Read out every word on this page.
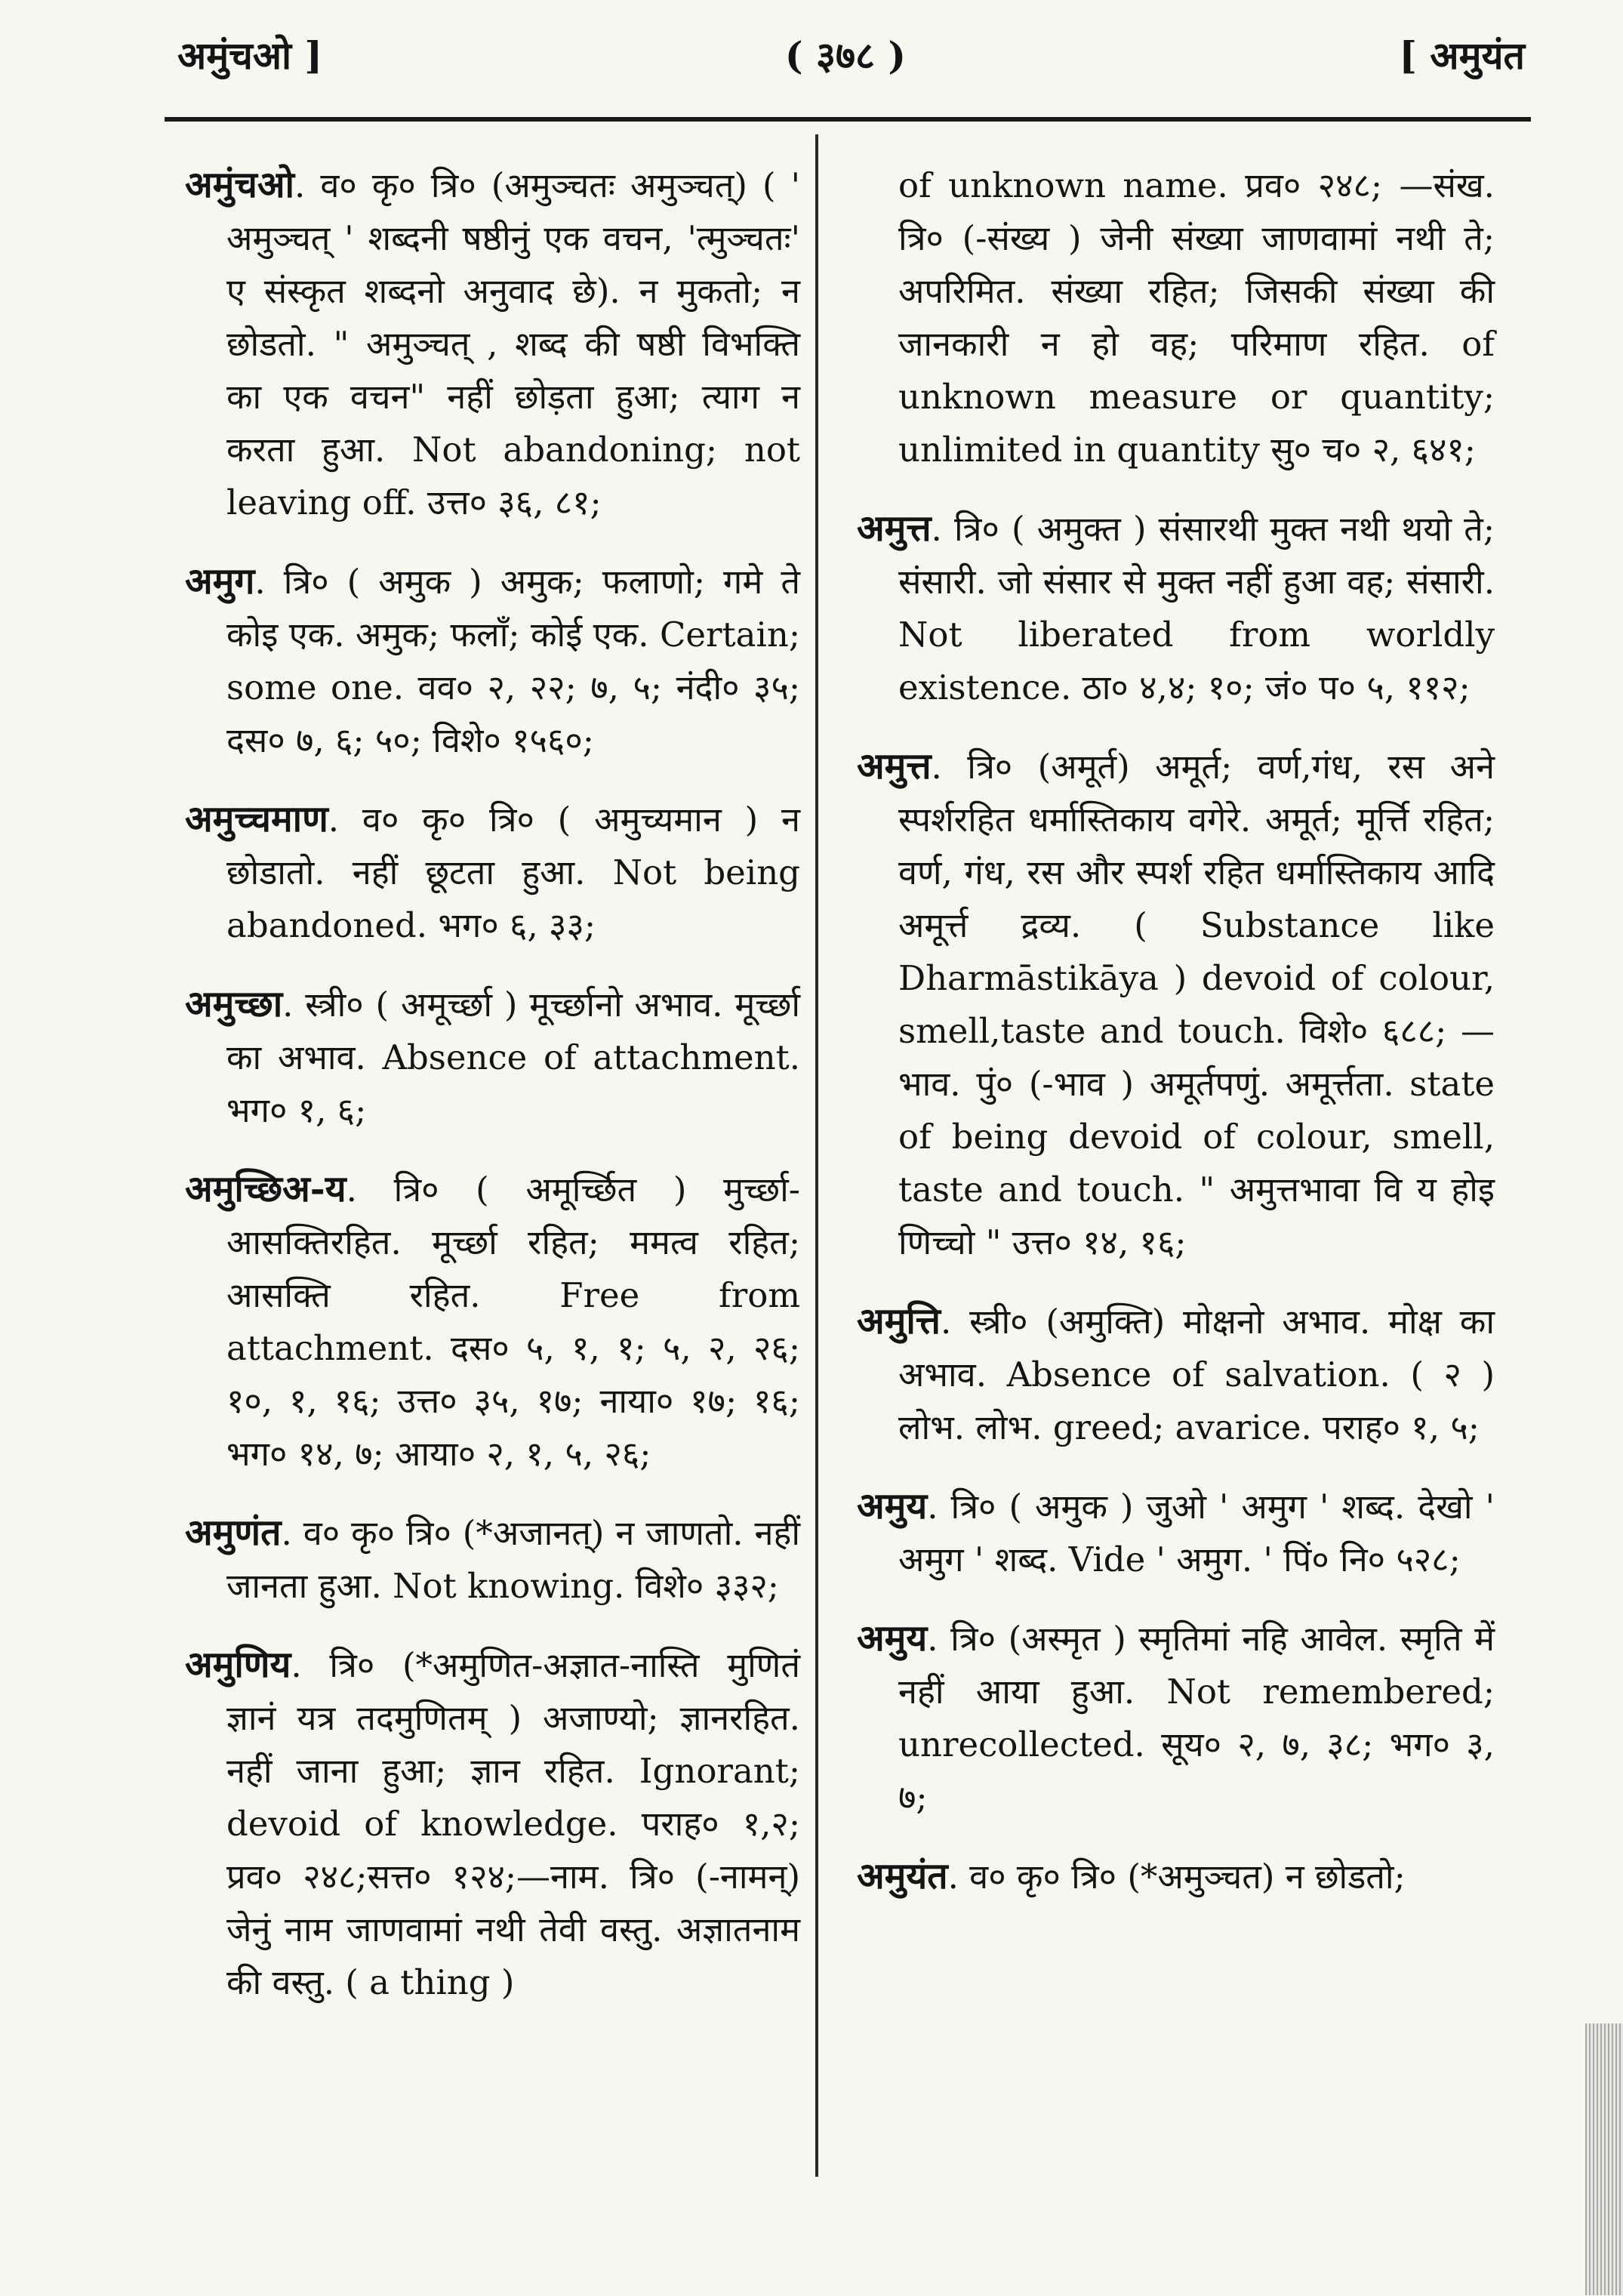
अमुंचओ ]	( ३७८ )	[ अमुयंत

अमुंचओ. व० कृ० त्रि० (अमुञ्चतः अमुञ्चत्) ( ' अमुञ्चत् ' शब्दनी षष्ठीनुं एक वचन, 'त्मुञ्चतः' ए संस्कृत शब्दनो अनुवाद छे). न मुकतो; न छोडतो. " अमुञ्चत् , शब्द की षष्ठी विभक्ति का एक वचन" नहीं छोड़ता हुआ; त्याग न करता हुआ. Not abandoning; not leaving off. उत्त० ३६, ८१;

अमुग. त्रि० ( अमुक ) अमुक; फलाणो; गमे ते कोइ एक. अमुक; फलाँ; कोई एक. Certain; some one. वव० २, २२; ७, ५; नंदी० ३५; दस० ७, ६; ५०; विशे० १५६०;

अमुच्चमाण. व० कृ० त्रि० ( अमुच्यमान ) न छोडातो. नहीं छूटता हुआ. Not being abandoned. भग० ६, ३३;

अमुच्छा. स्त्री० ( अमूर्च्छा ) मूर्च्छानो अभाव. मूर्च्छा का अभाव. Absence of attachment. भग० १, ६;

अमुच्छिअ-य. त्रि० ( अमूर्च्छित ) मुर्च्छा-आसक्तिरहित. मूर्च्छा रहित; ममत्व रहित; आसक्ति रहित. Free from attachment. दस० ५, १, १; ५, २, २६; १०, १, १६; उत्त० ३५, १७; नाया० १७; १६; भग० १४, ७; आया० २, १, ५, २६;

अमुणंत. व० कृ० त्रि० (*अजानत्) न जाणतो. नहीं जानता हुआ. Not knowing. विशे० ३३२;

अमुणिय. त्रि० (*अमुणित-अज्ञात-नास्ति मुणितं ज्ञानं यत्र तदमुणितम् ) अजाण्यो; ज्ञानरहित. नहीं जाना हुआ; ज्ञान रहित. Ignorant; devoid of knowledge. पराह० १,२; प्रव० २४८;सत्त० १२४;—नाम. त्रि० (-नामन्) जेनुं नाम जाणवामां नथी तेवी वस्तु. अज्ञातनाम की वस्तु. ( a thing )

of unknown name. प्रव० २४८; —संख. त्रि० (-संख्य ) जेनी संख्या जाणवामां नथी ते; अपरिमित. संख्या रहित; जिसकी संख्या की जानकारी न हो वह; परिमाण रहित. of unknown measure or quantity; unlimited in quantity सु० च० २, ६४१;

अमुत्त. त्रि० ( अमुक्त ) संसारथी मुक्त नथी थयो ते; संसारी. जो संसार से मुक्त नहीं हुआ वह; संसारी. Not liberated from worldly existence. ठा० ४,४; १०; जं० प० ५, ११२;

अमुत्त. त्रि० (अमूर्त) अमूर्त; वर्ण,गंध, रस अने स्पर्शरहित धर्मास्तिकाय वगेरे. अमूर्त; मूर्त्ति रहित; वर्ण, गंध, रस और स्पर्श रहित धर्मास्तिकाय आदि अमूर्त्त द्रव्य. ( Substance like Dharmāstikāya ) devoid of colour, smell,taste and touch. विशे० ६८८; —भाव. पुं० (-भाव ) अमूर्तपणुं. अमूर्त्तता. state of being devoid of colour, smell, taste and touch. " अमुत्तभावा वि य होइ णिच्चो " उत्त० १४, १६;

अमुत्ति. स्त्री० (अमुक्ति) मोक्षनो अभाव. मोक्ष का अभाव. Absence of salvation. ( २ ) लोभ. लोभ. greed; avarice. पराह० १, ५;

अमुय. त्रि० ( अमुक ) जुओ ' अमुग ' शब्द. देखो ' अमुग ' शब्द. Vide ' अमुग. ' पिं० नि० ५२८;

अमुय. त्रि० (अस्मृत ) स्मृतिमां नहि आवेल. स्मृति में नहीं आया हुआ. Not remembered; unrecollected. सूय० २, ७, ३८; भग० ३, ७;

अमुयंत. व० कृ० त्रि० (*अमुञ्चत) न छोडतो;
